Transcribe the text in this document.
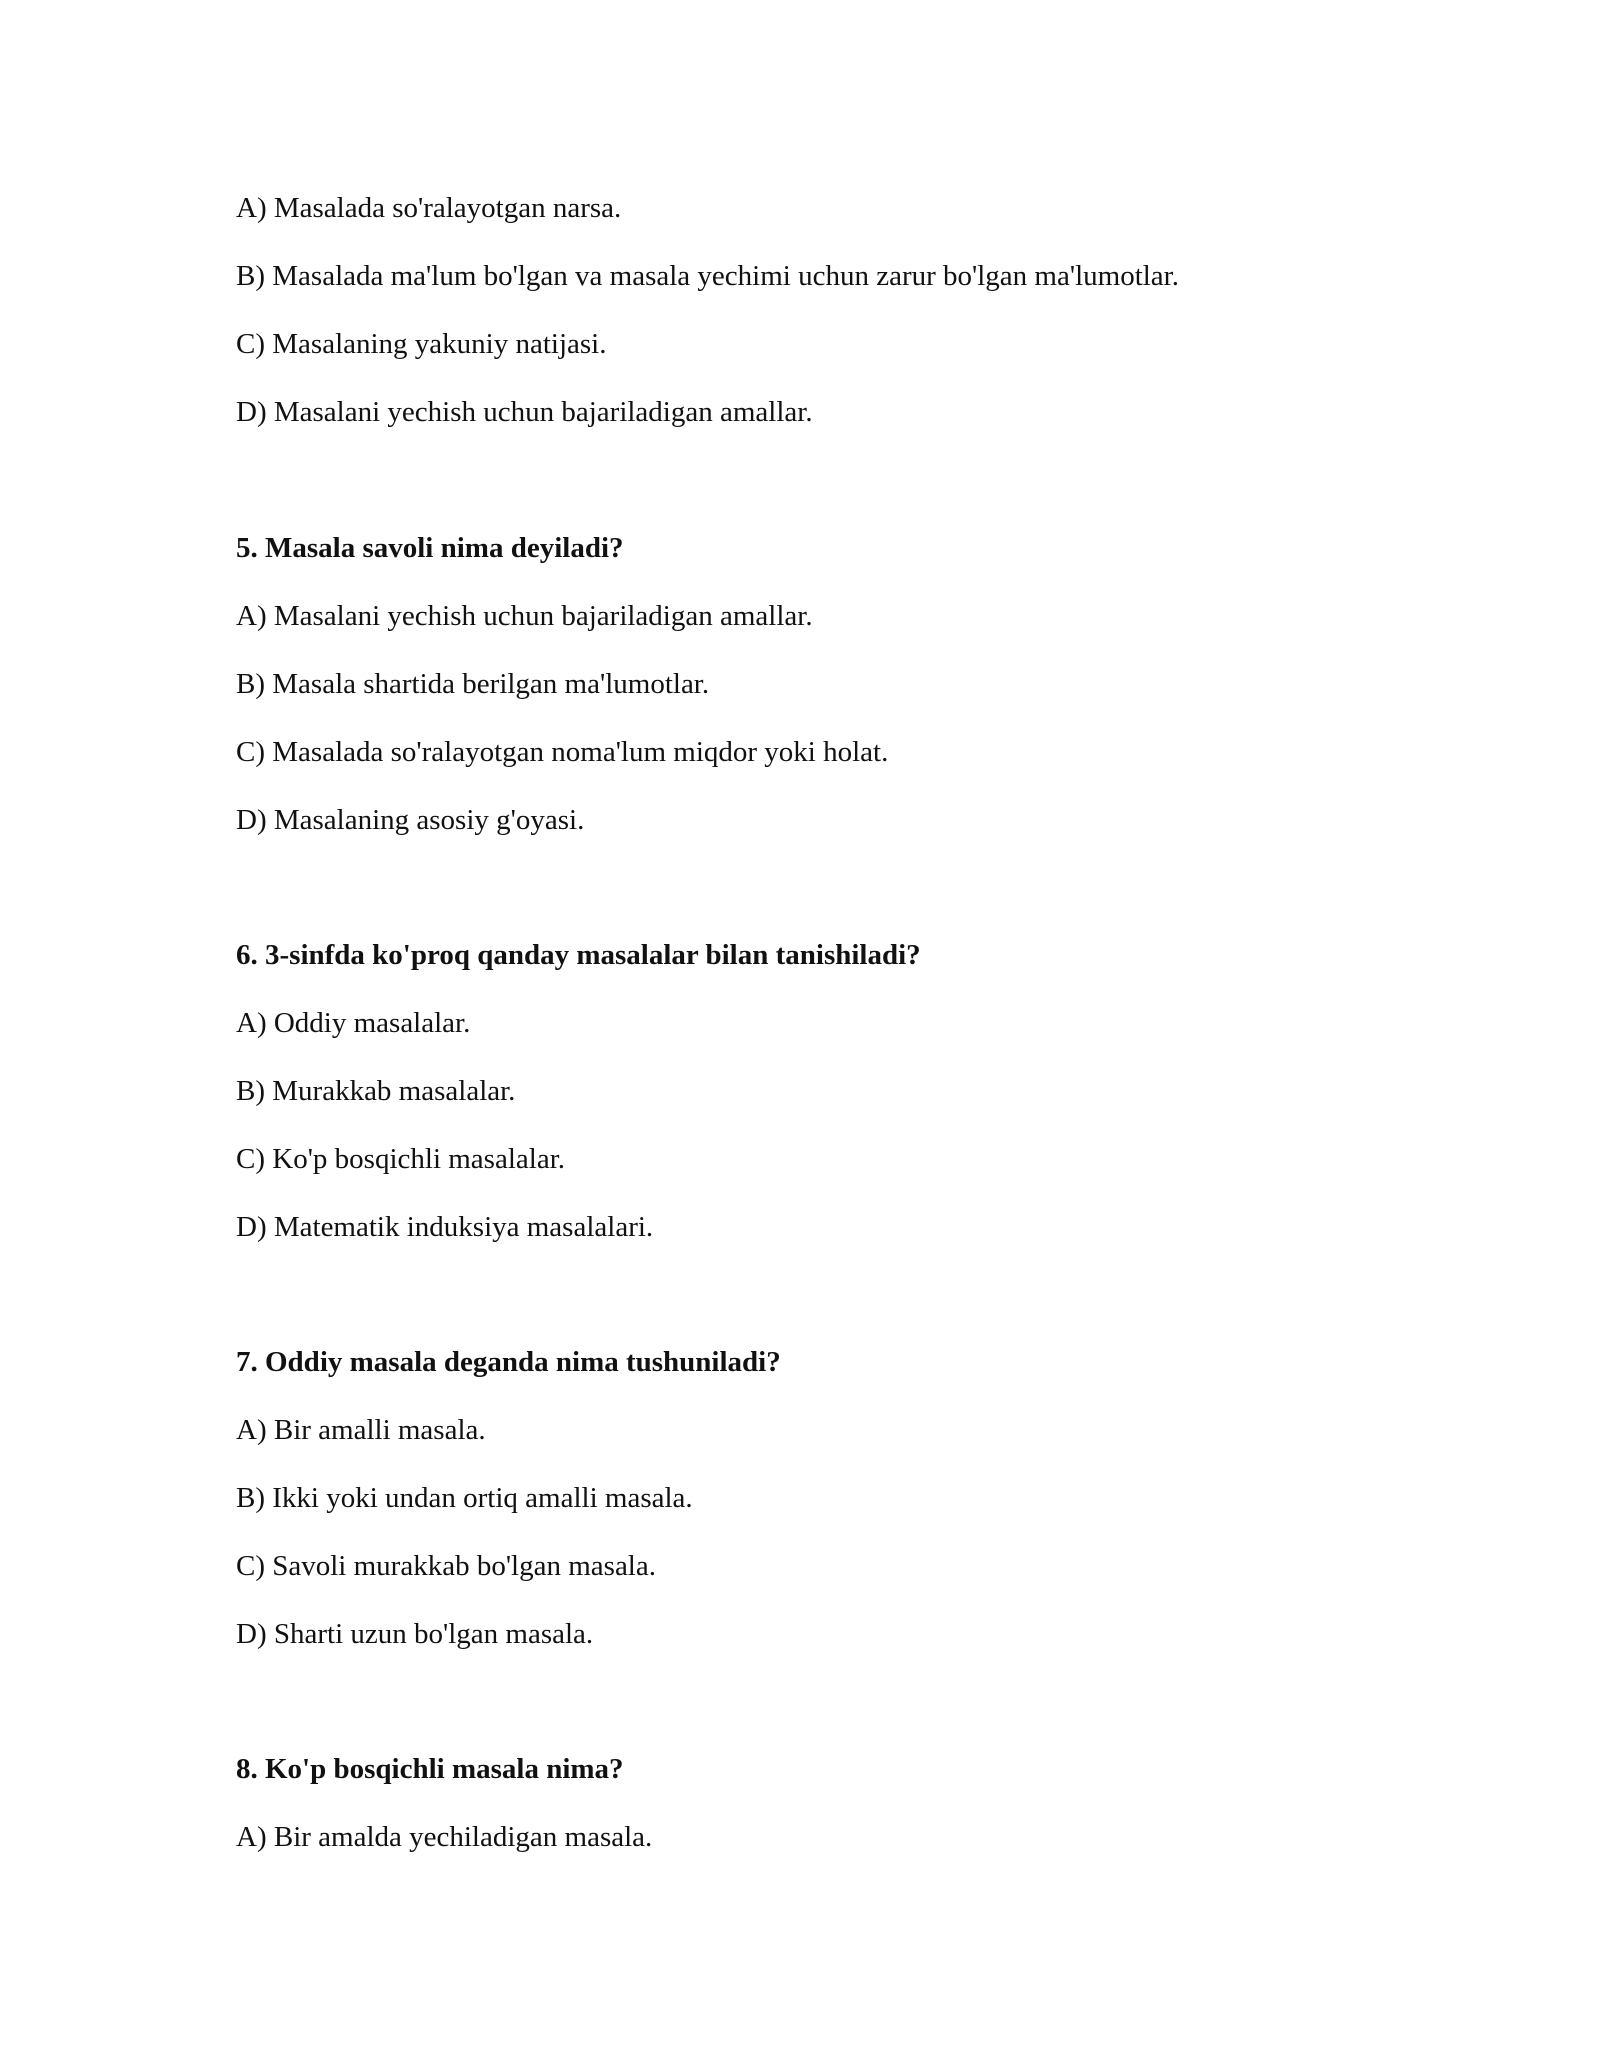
A) Masalada so'ralayotgan narsa.
B) Masalada ma'lum bo'lgan va masala yechimi uchun zarur bo'lgan ma'lumotlar.
C) Masalaning yakuniy natijasi.
D) Masalani yechish uchun bajariladigan amallar.
5. Masala savoli nima deyiladi?
A) Masalani yechish uchun bajariladigan amallar.
B) Masala shartida berilgan ma'lumotlar.
C) Masalada so'ralayotgan noma'lum miqdor yoki holat.
D) Masalaning asosiy g'oyasi.
6. 3-sinfda ko'proq qanday masalalar bilan tanishiladi?
A) Oddiy masalalar.
B) Murakkab masalalar.
C) Ko'p bosqichli masalalar.
D) Matematik induksiya masalalari.
7. Oddiy masala deganda nima tushuniladi?
A) Bir amalli masala.
B) Ikki yoki undan ortiq amalli masala.
C) Savoli murakkab bo'lgan masala.
D) Sharti uzun bo'lgan masala.
8. Ko'p bosqichli masala nima?
A) Bir amalda yechiladigan masala.
